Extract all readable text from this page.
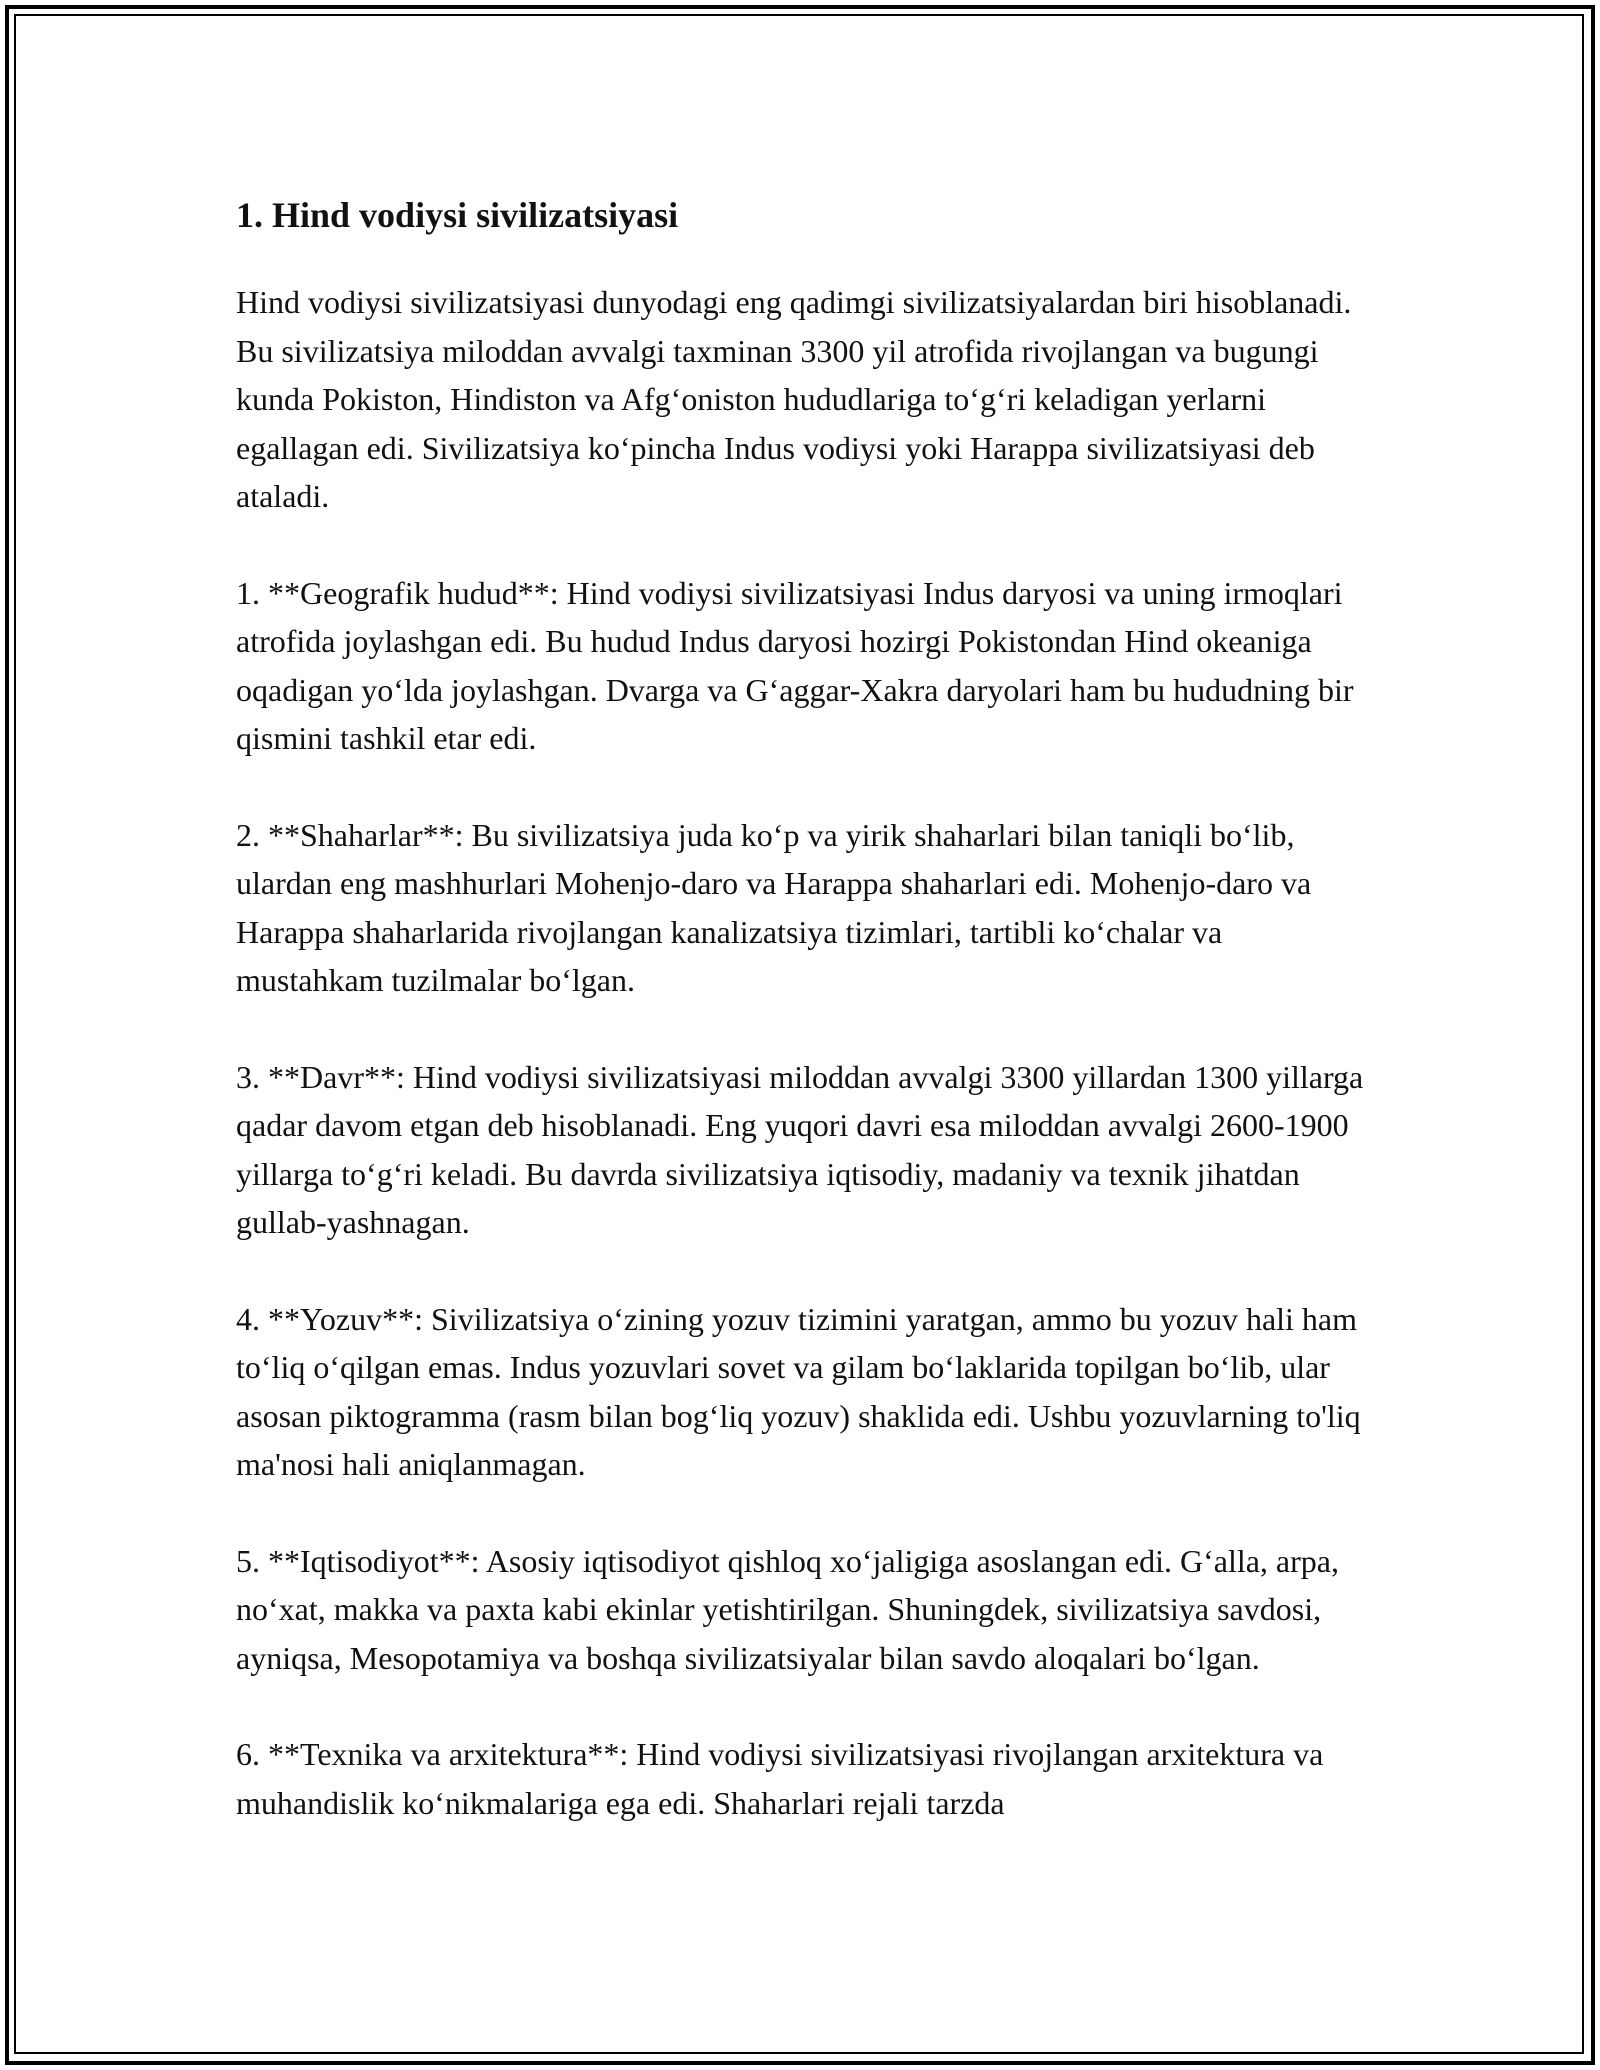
1. Hind vodiysi sivilizatsiyasi

Hind vodiysi sivilizatsiyasi dunyodagi eng qadimgi sivilizatsiyalardan biri hisoblanadi. Bu sivilizatsiya miloddan avvalgi taxminan 3300 yil atrofida rivojlangan va bugungi kunda Pokiston, Hindiston va Afg‘oniston hududlariga to‘g‘ri keladigan yerlarni egallagan edi. Sivilizatsiya ko‘pincha Indus vodiysi yoki Harappa sivilizatsiyasi deb ataladi.

1. **Geografik hudud**: Hind vodiysi sivilizatsiyasi Indus daryosi va uning irmoqlari atrofida joylashgan edi. Bu hudud Indus daryosi hozirgi Pokistondan Hind okeaniga oqadigan yo‘lda joylashgan. Dvarga va G‘aggar-Xakra daryolari ham bu hududning bir qismini tashkil etar edi.

2. **Shaharlar**: Bu sivilizatsiya juda ko‘p va yirik shaharlari bilan taniqli bo‘lib, ulardan eng mashhurlari Mohenjo-daro va Harappa shaharlari edi. Mohenjo-daro va Harappa shaharlarida rivojlangan kanalizatsiya tizimlari, tartibli ko‘chalar va mustahkam tuzilmalar bo‘lgan.

3. **Davr**: Hind vodiysi sivilizatsiyasi miloddan avvalgi 3300 yillardan 1300 yillarga qadar davom etgan deb hisoblanadi. Eng yuqori davri esa miloddan avvalgi 2600-1900 yillarga to‘g‘ri keladi. Bu davrda sivilizatsiya iqtisodiy, madaniy va texnik jihatdan gullab-yashnagan.

4. **Yozuv**: Sivilizatsiya o‘zining yozuv tizimini yaratgan, ammo bu yozuv hali ham to‘liq o‘qilgan emas. Indus yozuvlari sovet va gilam bo‘laklarida topilgan bo‘lib, ular asosan piktogramma (rasm bilan bog‘liq yozuv) shaklida edi. Ushbu yozuvlarning to'liq ma'nosi hali aniqlanmagan.

5. **Iqtisodiyot**: Asosiy iqtisodiyot qishloq xo‘jaligiga asoslangan edi. G‘alla, arpa, no‘xat, makka va paxta kabi ekinlar yetishtirilgan. Shuningdek, sivilizatsiya savdosi, ayniqsa, Mesopotamiya va boshqa sivilizatsiyalar bilan savdo aloqalari bo‘lgan.

6. **Texnika va arxitektura**: Hind vodiysi sivilizatsiyasi rivojlangan arxitektura va muhandislik ko‘nikmalariga ega edi. Shaharlari rejali tarzda
